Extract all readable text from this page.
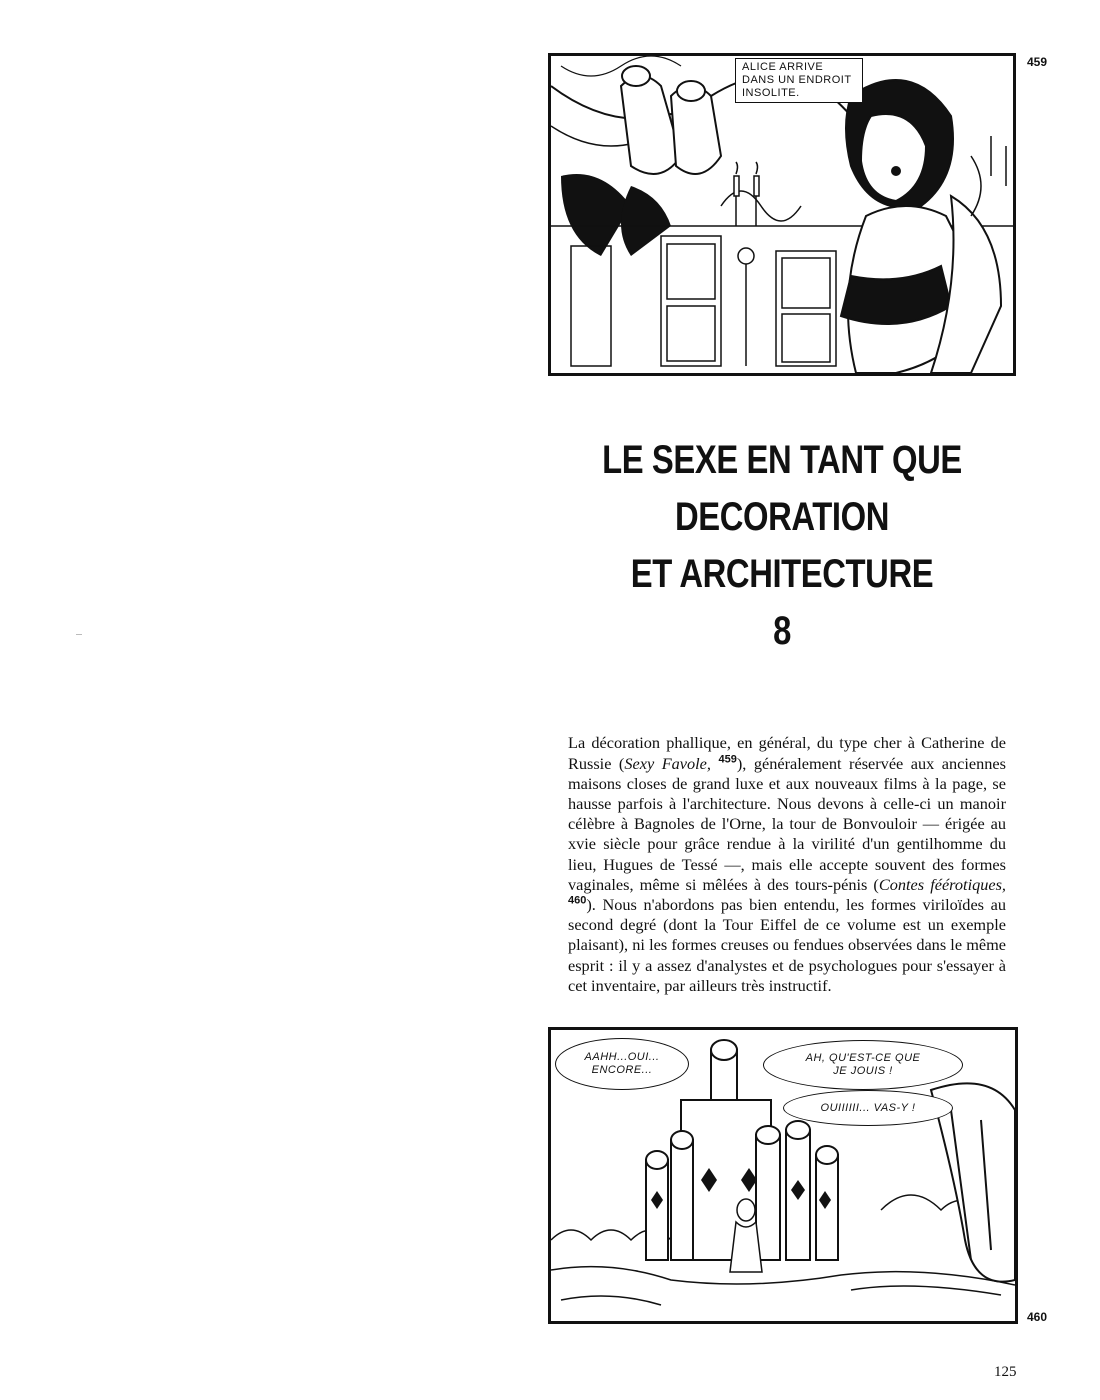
ALICE ARRIVE
DANS UN ENDROIT
INSOLITE.
459
LE SEXE EN TANT QUE
DECORATION
ET ARCHITECTURE
8

La décoration phallique, en général, du type cher à Catherine de Russie (Sexy Favole, $^{459}$), généralement réservée aux anciennes maisons closes de grand luxe et aux nouveaux films à la page, se hausse parfois à l'architecture. Nous devons à celle-ci un manoir célèbre à Bagnoles de l'Orne, la tour de Bonvouloir — érigée au xvie siècle pour grâce rendue à la virilité d'un gentilhomme du lieu, Hugues de Tessé —, mais elle accepte souvent des formes vaginales, même si mêlées à des tours-pénis (Contes féérotiques, $^{460}$). Nous n'abordons pas bien entendu, les formes viriloïdes au second degré (dont la Tour Eiffel de ce volume est un exemple plaisant), ni les formes creuses ou fendues observées dans le même esprit : il y a assez d'analystes et de psychologues pour s'essayer à cet inventaire, par ailleurs très instructif.

AAHH...OUI...
ENCORE...
AH, QU'EST-CE QUE
JE JOUIS !
OUIIIIII... VAS-Y !
460
125
